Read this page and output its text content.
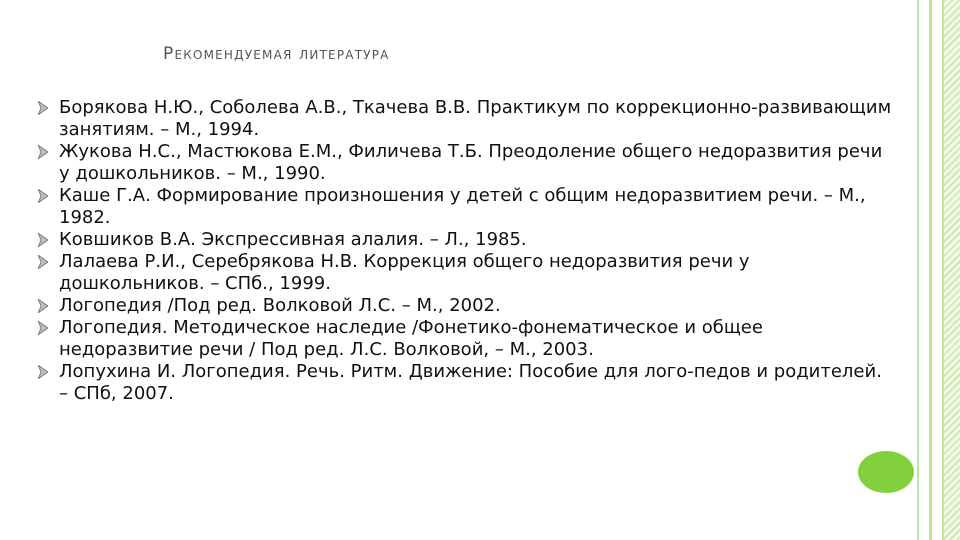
Рекомендуемая литература
Борякова Н.Ю., Соболева А.В., Ткачева В.В. Практикум по коррекционно-развивающим занятиям. – М., 1994.
Жукова Н.С., Мастюкова Е.М., Филичева Т.Б. Преодоление общего недоразвития речи у дошкольников. – М., 1990.
Каше Г.А. Формирование произношения у детей с общим недоразвитием речи. – М., 1982.
Ковшиков В.А. Экспрессивная алалия. – Л., 1985.
Лалаева Р.И., Серебрякова Н.В. Коррекция общего недоразвития речи у дошкольников. – СПб., 1999.
Логопедия /Под ред. Волковой Л.С. – М., 2002.
Логопедия. Методическое наследие /Фонетико-фонематическое и общее недоразвитие речи / Под ред. Л.С. Волковой, – М., 2003.
Лопухина И. Логопедия. Речь. Ритм. Движение: Пособие для лого-педов и родителей. – СПб, 2007.
